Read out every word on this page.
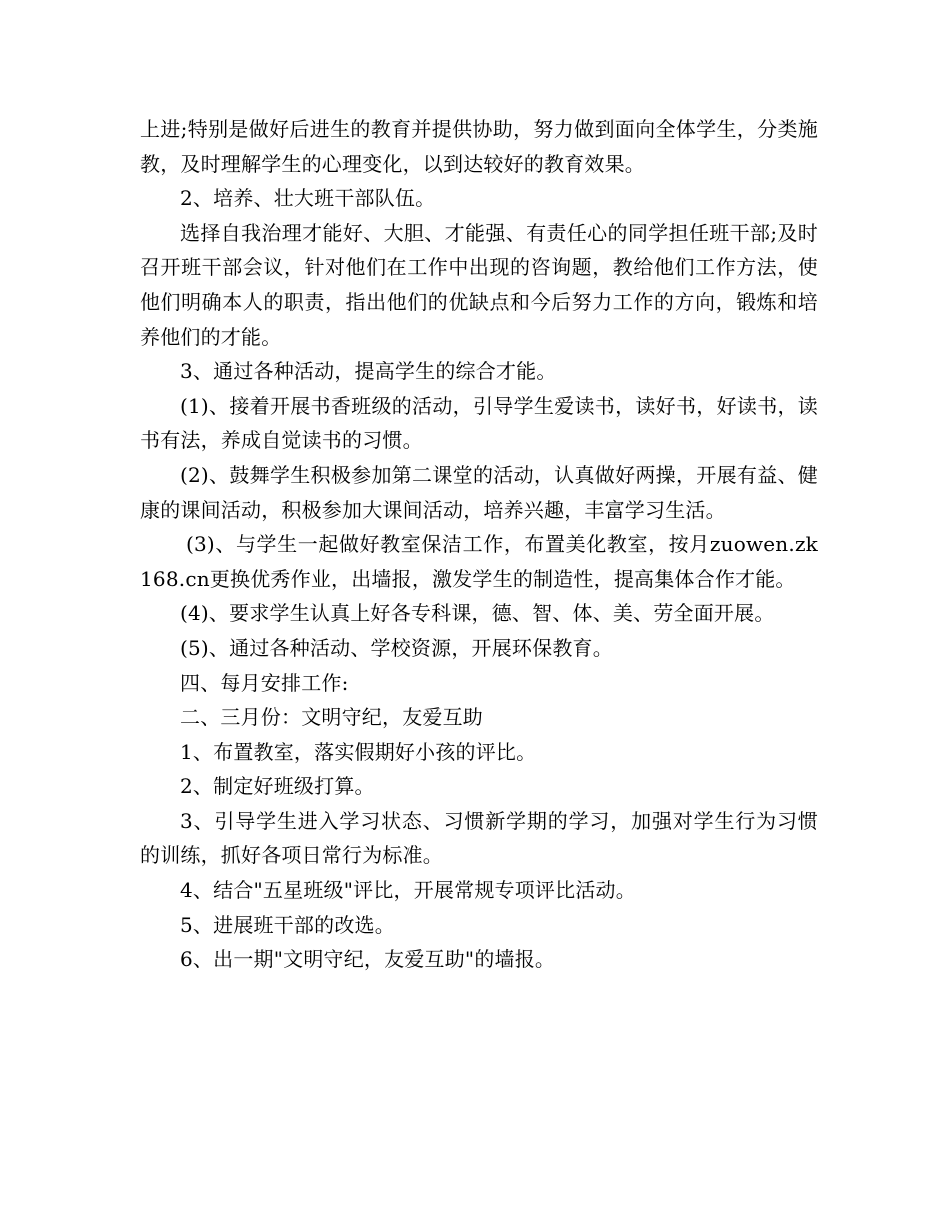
上进;特别是做好后进生的教育并提供协助，努力做到面向全体学生，分类施教，及时理解学生的心理变化，以到达较好的教育效果。

2、培养、壮大班干部队伍。

选择自我治理才能好、大胆、才能强、有责任心的同学担任班干部;及时召开班干部会议，针对他们在工作中出现的咨询题，教给他们工作方法，使他们明确本人的职责，指出他们的优缺点和今后努力工作的方向，锻炼和培养他们的才能。

3、通过各种活动，提高学生的综合才能。

(1)、接着开展书香班级的活动，引导学生爱读书，读好书，好读书，读书有法，养成自觉读书的习惯。

(2)、鼓舞学生积极参加第二课堂的活动，认真做好两操，开展有益、健康的课间活动，积极参加大课间活动，培养兴趣，丰富学习生活。

(3)、与学生一起做好教室保洁工作，布置美化教室，按月zuowen.zk168.cn更换优秀作业，出墙报，激发学生的制造性，提高集体合作才能。

(4)、要求学生认真上好各专科课，德、智、体、美、劳全面开展。

(5)、通过各种活动、学校资源，开展环保教育。

四、每月安排工作:

二、三月份：文明守纪，友爱互助

1、布置教室，落实假期好小孩的评比。

2、制定好班级打算。

3、引导学生进入学习状态、习惯新学期的学习，加强对学生行为习惯的训练，抓好各项日常行为标准。

4、结合"五星班级"评比，开展常规专项评比活动。

5、进展班干部的改选。

6、出一期"文明守纪，友爱互助"的墙报。
